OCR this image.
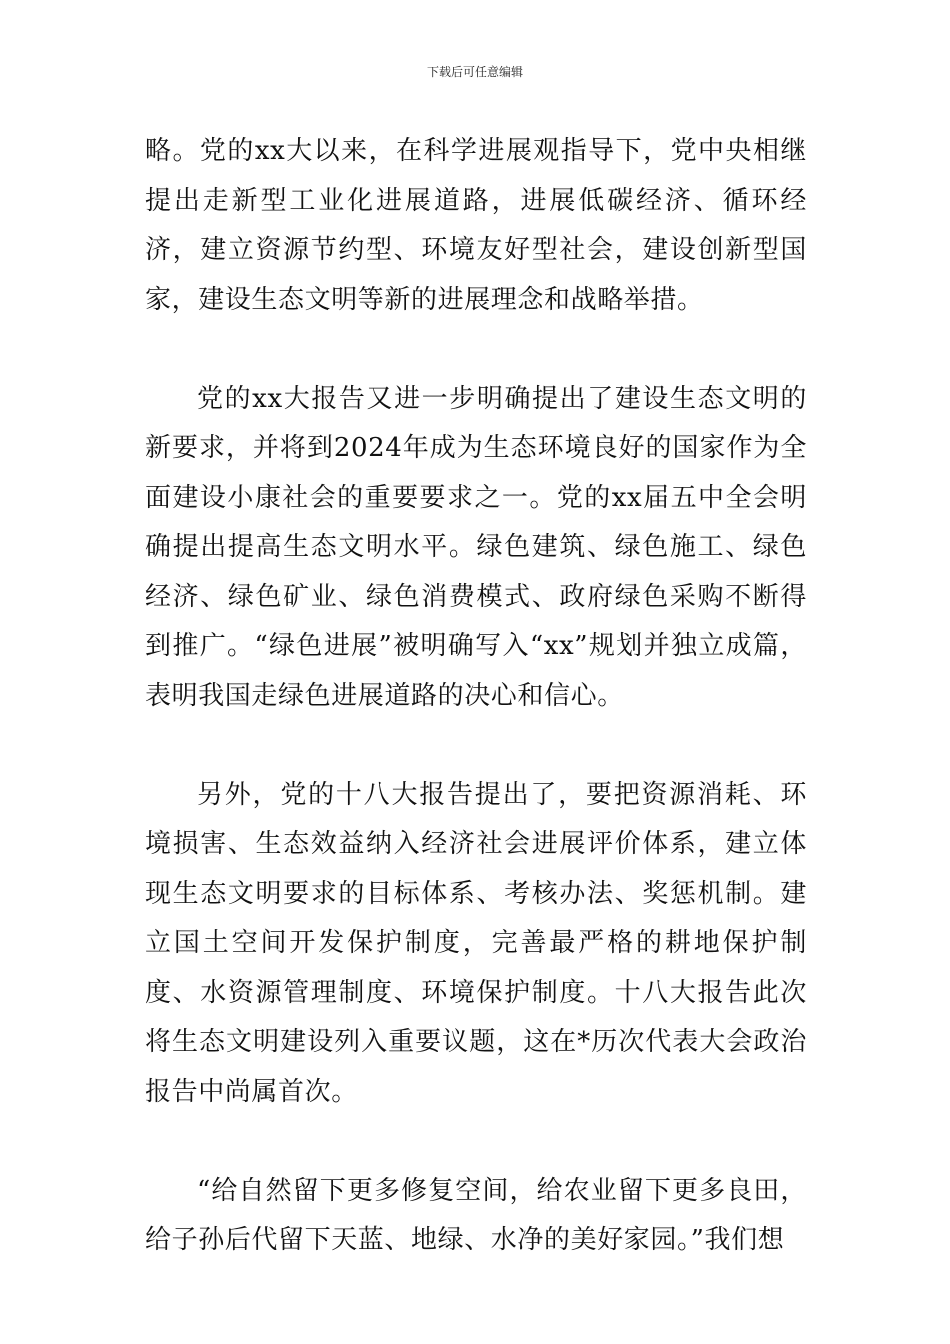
下载后可任意编辑

略。党的xx大以来，在科学进展观指导下，党中央相继提出走新型工业化进展道路，进展低碳经济、循环经济，建立资源节约型、环境友好型社会，建设创新型国家，建设生态文明等新的进展理念和战略举措。

党的xx大报告又进一步明确提出了建设生态文明的新要求，并将到2024年成为生态环境良好的国家作为全面建设小康社会的重要要求之一。党的xx届五中全会明确提出提高生态文明水平。绿色建筑、绿色施工、绿色经济、绿色矿业、绿色消费模式、政府绿色采购不断得到推广。“绿色进展”被明确写入“xx”规划并独立成篇，表明我国走绿色进展道路的决心和信心。

另外，党的十八大报告提出了，要把资源消耗、环境损害、生态效益纳入经济社会进展评价体系，建立体现生态文明要求的目标体系、考核办法、奖惩机制。建立国土空间开发保护制度，完善最严格的耕地保护制度、水资源管理制度、环境保护制度。十八大报告此次将生态文明建设列入重要议题，这在*历次代表大会政治报告中尚属首次。

“给自然留下更多修复空间，给农业留下更多良田，给子孙后代留下天蓝、地绿、水净的美好家园。”我们想
